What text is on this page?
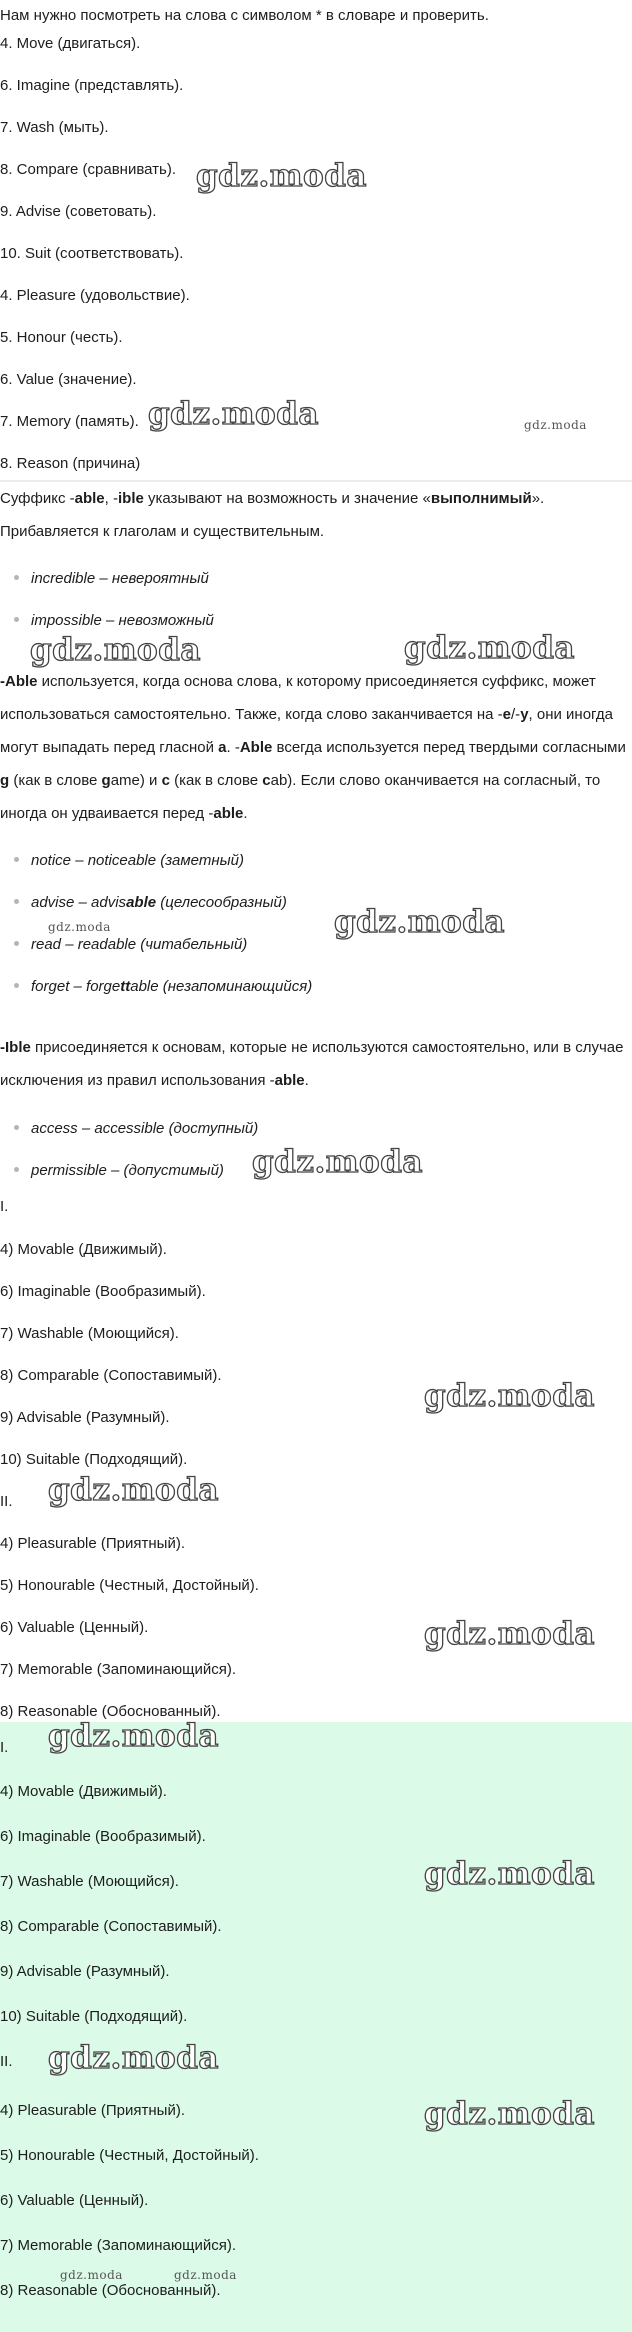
Нам нужно посмотреть на слова с символом * в словаре и проверить.
4. Move (двигаться).
6. Imagine (представлять).
7. Wash (мыть).
8. Compare (сравнивать).
9. Advise (советовать).
10. Suit (соответствовать).
4. Pleasure (удовольствие).
5. Honour (честь).
6. Value (значение).
7. Memory (память).
8. Reason (причина)
Суффикс -able, -ible указывают на возможность и значение «выполнимый». Прибавляется к глаголам и существительным.
incredible – невероятный
impossible – невозможный
-Able используется, когда основа слова, к которому присоединяется суффикс, может использоваться самостоятельно. Также, когда слово заканчивается на -e/-y, они иногда могут выпадать перед гласной a. -Able всегда используется перед твердыми согласными g (как в слове game) и c (как в слове cab). Если слово оканчивается на согласный, то иногда он удваивается перед -able.
notice – noticeable (заметный)
advise – advisable (целесообразный)
read – readable (читабельный)
forget – forgettable (незапоминающийся)
-Ible присоединяется к основам, которые не используются самостоятельно, или в случае исключения из правил использования -able.
access – accessible (доступный)
permissible – (допустимый)
I.
4) Movable (Движимый).
6) Imaginable (Вообразимый).
7) Washable (Моющийся).
8) Comparable (Сопоставимый).
9) Advisable (Разумный).
10) Suitable (Подходящий).
II.
4) Pleasurable (Приятный).
5) Honourable (Честный, Достойный).
6) Valuable (Ценный).
7) Memorable (Запоминающийся).
8) Reasonable (Обоснованный).
I.
4) Movable (Движимый).
6) Imaginable (Вообразимый).
7) Washable (Моющийся).
8) Comparable (Сопоставимый).
9) Advisable (Разумный).
10) Suitable (Подходящий).
II.
4) Pleasurable (Приятный).
5) Honourable (Честный, Достойный).
6) Valuable (Ценный).
7) Memorable (Запоминающийся).
8) Reasonable (Обоснованный).
gdz.moda
gdz.moda	gdz.moda
gdz.moda	gdz.moda
gdz.moda	gdz.moda
gdz.moda
gdz.moda
gdz.moda
gdz.moda
gdz.moda
gdz.moda
gdz.moda
gdz.moda
gdz.moda	gdz.moda
